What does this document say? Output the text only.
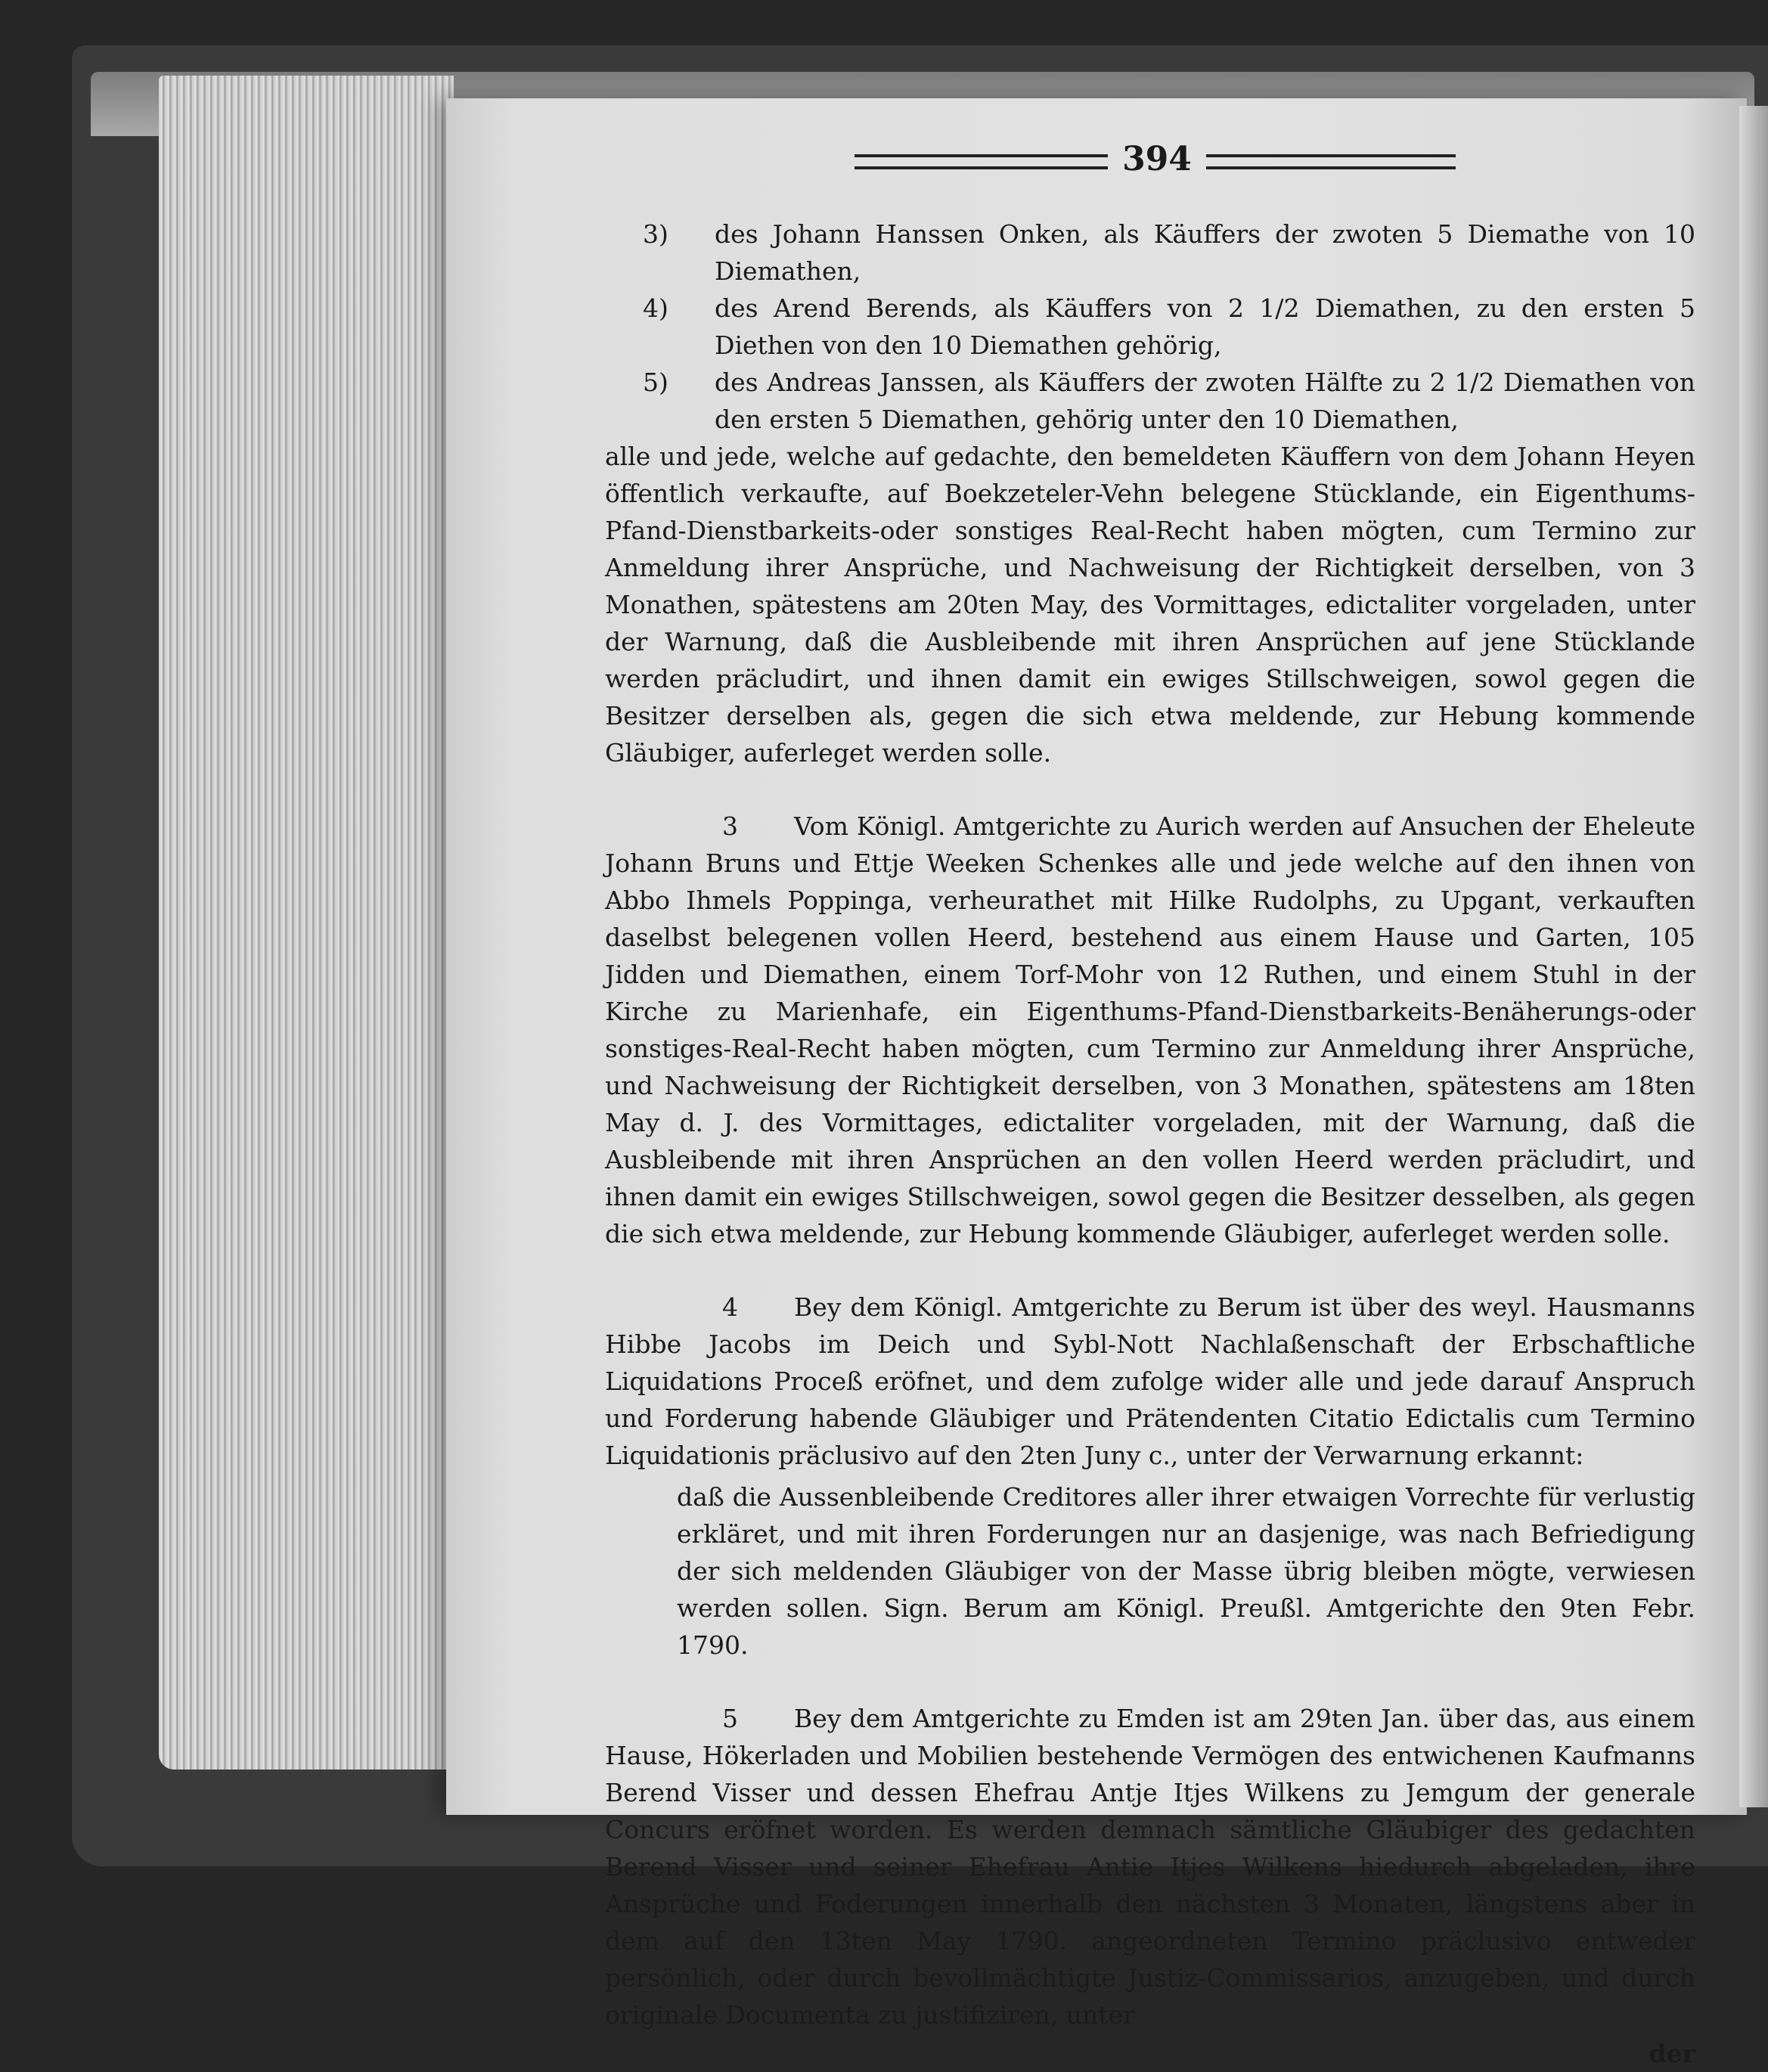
394

3) des Johann Hanssen Onken, als Käuffers der zwoten 5 Diemathe von 10 Diemathen,

4) des Arend Berends, als Käuffers von 2 1/2 Diemathen, zu den ersten 5 Diethen von den 10 Diemathen gehörig,

5) des Andreas Janssen, als Käuffers der zwoten Hälfte zu 2 1/2 Diemathen von den ersten 5 Diemathen, gehörig unter den 10 Diemathen,

alle und jede, welche auf gedachte, den bemeldeten Käuffern von dem Johann Heyen öffentlich verkaufte, auf Boekzeteler-Vehn belegene Stücklande, ein Eigenthums-Pfand-Dienstbarkeits-oder sonstiges Real-Recht haben mögten, cum Termino zur Anmeldung ihrer Ansprüche, und Nachweisung der Richtigkeit derselben, von 3 Monathen, spätestens am 20ten May, des Vormittages, edictaliter vorgeladen, unter der Warnung, daß die Ausbleibende mit ihren Ansprüchen auf jene Stücklande werden präcludirt, und ihnen damit ein ewiges Stillschweigen, sowol gegen die Besitzer derselben als, gegen die sich etwa meldende, zur Hebung kommende Gläubiger, auferleget werden solle.

3 Vom Königl. Amtgerichte zu Aurich werden auf Ansuchen der Eheleute Johann Bruns und Ettje Weeken Schenkes alle und jede welche auf den ihnen von Abbo Ihmels Poppinga, verheurathet mit Hilke Rudolphs, zu Upgant, verkauften daselbst belegenen vollen Heerd, bestehend aus einem Hause und Garten, 105 Jidden und Diemathen, einem Torf-Mohr von 12 Ruthen, und einem Stuhl in der Kirche zu Marienhafe, ein Eigenthums-Pfand-Dienstbarkeits-Benäherungs-oder sonstiges-Real-Recht haben mögten, cum Termino zur Anmeldung ihrer Ansprüche, und Nachweisung der Richtigkeit derselben, von 3 Monathen, spätestens am 18ten May d. J. des Vormittages, edictaliter vorgeladen, mit der Warnung, daß die Ausbleibende mit ihren Ansprüchen an den vollen Heerd werden präcludirt, und ihnen damit ein ewiges Stillschweigen, sowol gegen die Besitzer desselben, als gegen die sich etwa meldende, zur Hebung kommende Gläubiger, auferleget werden solle.

4 Bey dem Königl. Amtgerichte zu Berum ist über des weyl. Hausmanns Hibbe Jacobs im Deich und Sybl-Nott Nachlaßenschaft der Erbschaftliche Liquidations Proceß eröfnet, und dem zufolge wider alle und jede darauf Anspruch und Forderung habende Gläubiger und Prätendenten Citatio Edictalis cum Termino Liquidationis präclusivo auf den 2ten Juny c., unter der Verwarnung erkannt:

daß die Aussenbleibende Creditores aller ihrer etwaigen Vorrechte für verlustig erkläret, und mit ihren Forderungen nur an dasjenige, was nach Befriedigung der sich meldenden Gläubiger von der Masse übrig bleiben mögte, verwiesen werden sollen. Sign. Berum am Königl. Preußl. Amtgerichte den 9ten Febr. 1790.

5 Bey dem Amtgerichte zu Emden ist am 29ten Jan. über das, aus einem Hause, Hökerladen und Mobilien bestehende Vermögen des entwichenen Kaufmanns Berend Visser und dessen Ehefrau Antje Itjes Wilkens zu Jemgum der generale Concurs eröfnet worden. Es werden demnach sämtliche Gläubiger des gedachten Berend Visser und seiner Ehefrau Antie Itjes Wilkens hiedurch abgeladen, ihre Ansprüche und Foderungen innerhalb den nächsten 3 Monaten, längstens aber in dem auf den 13ten May 1790. angeordneten Termino präclusivo entweder persönlich, oder durch bevollmächtigte Justiz-Commissarios, anzugeben, und durch originale Documenta zu justifiziren, unter

der
